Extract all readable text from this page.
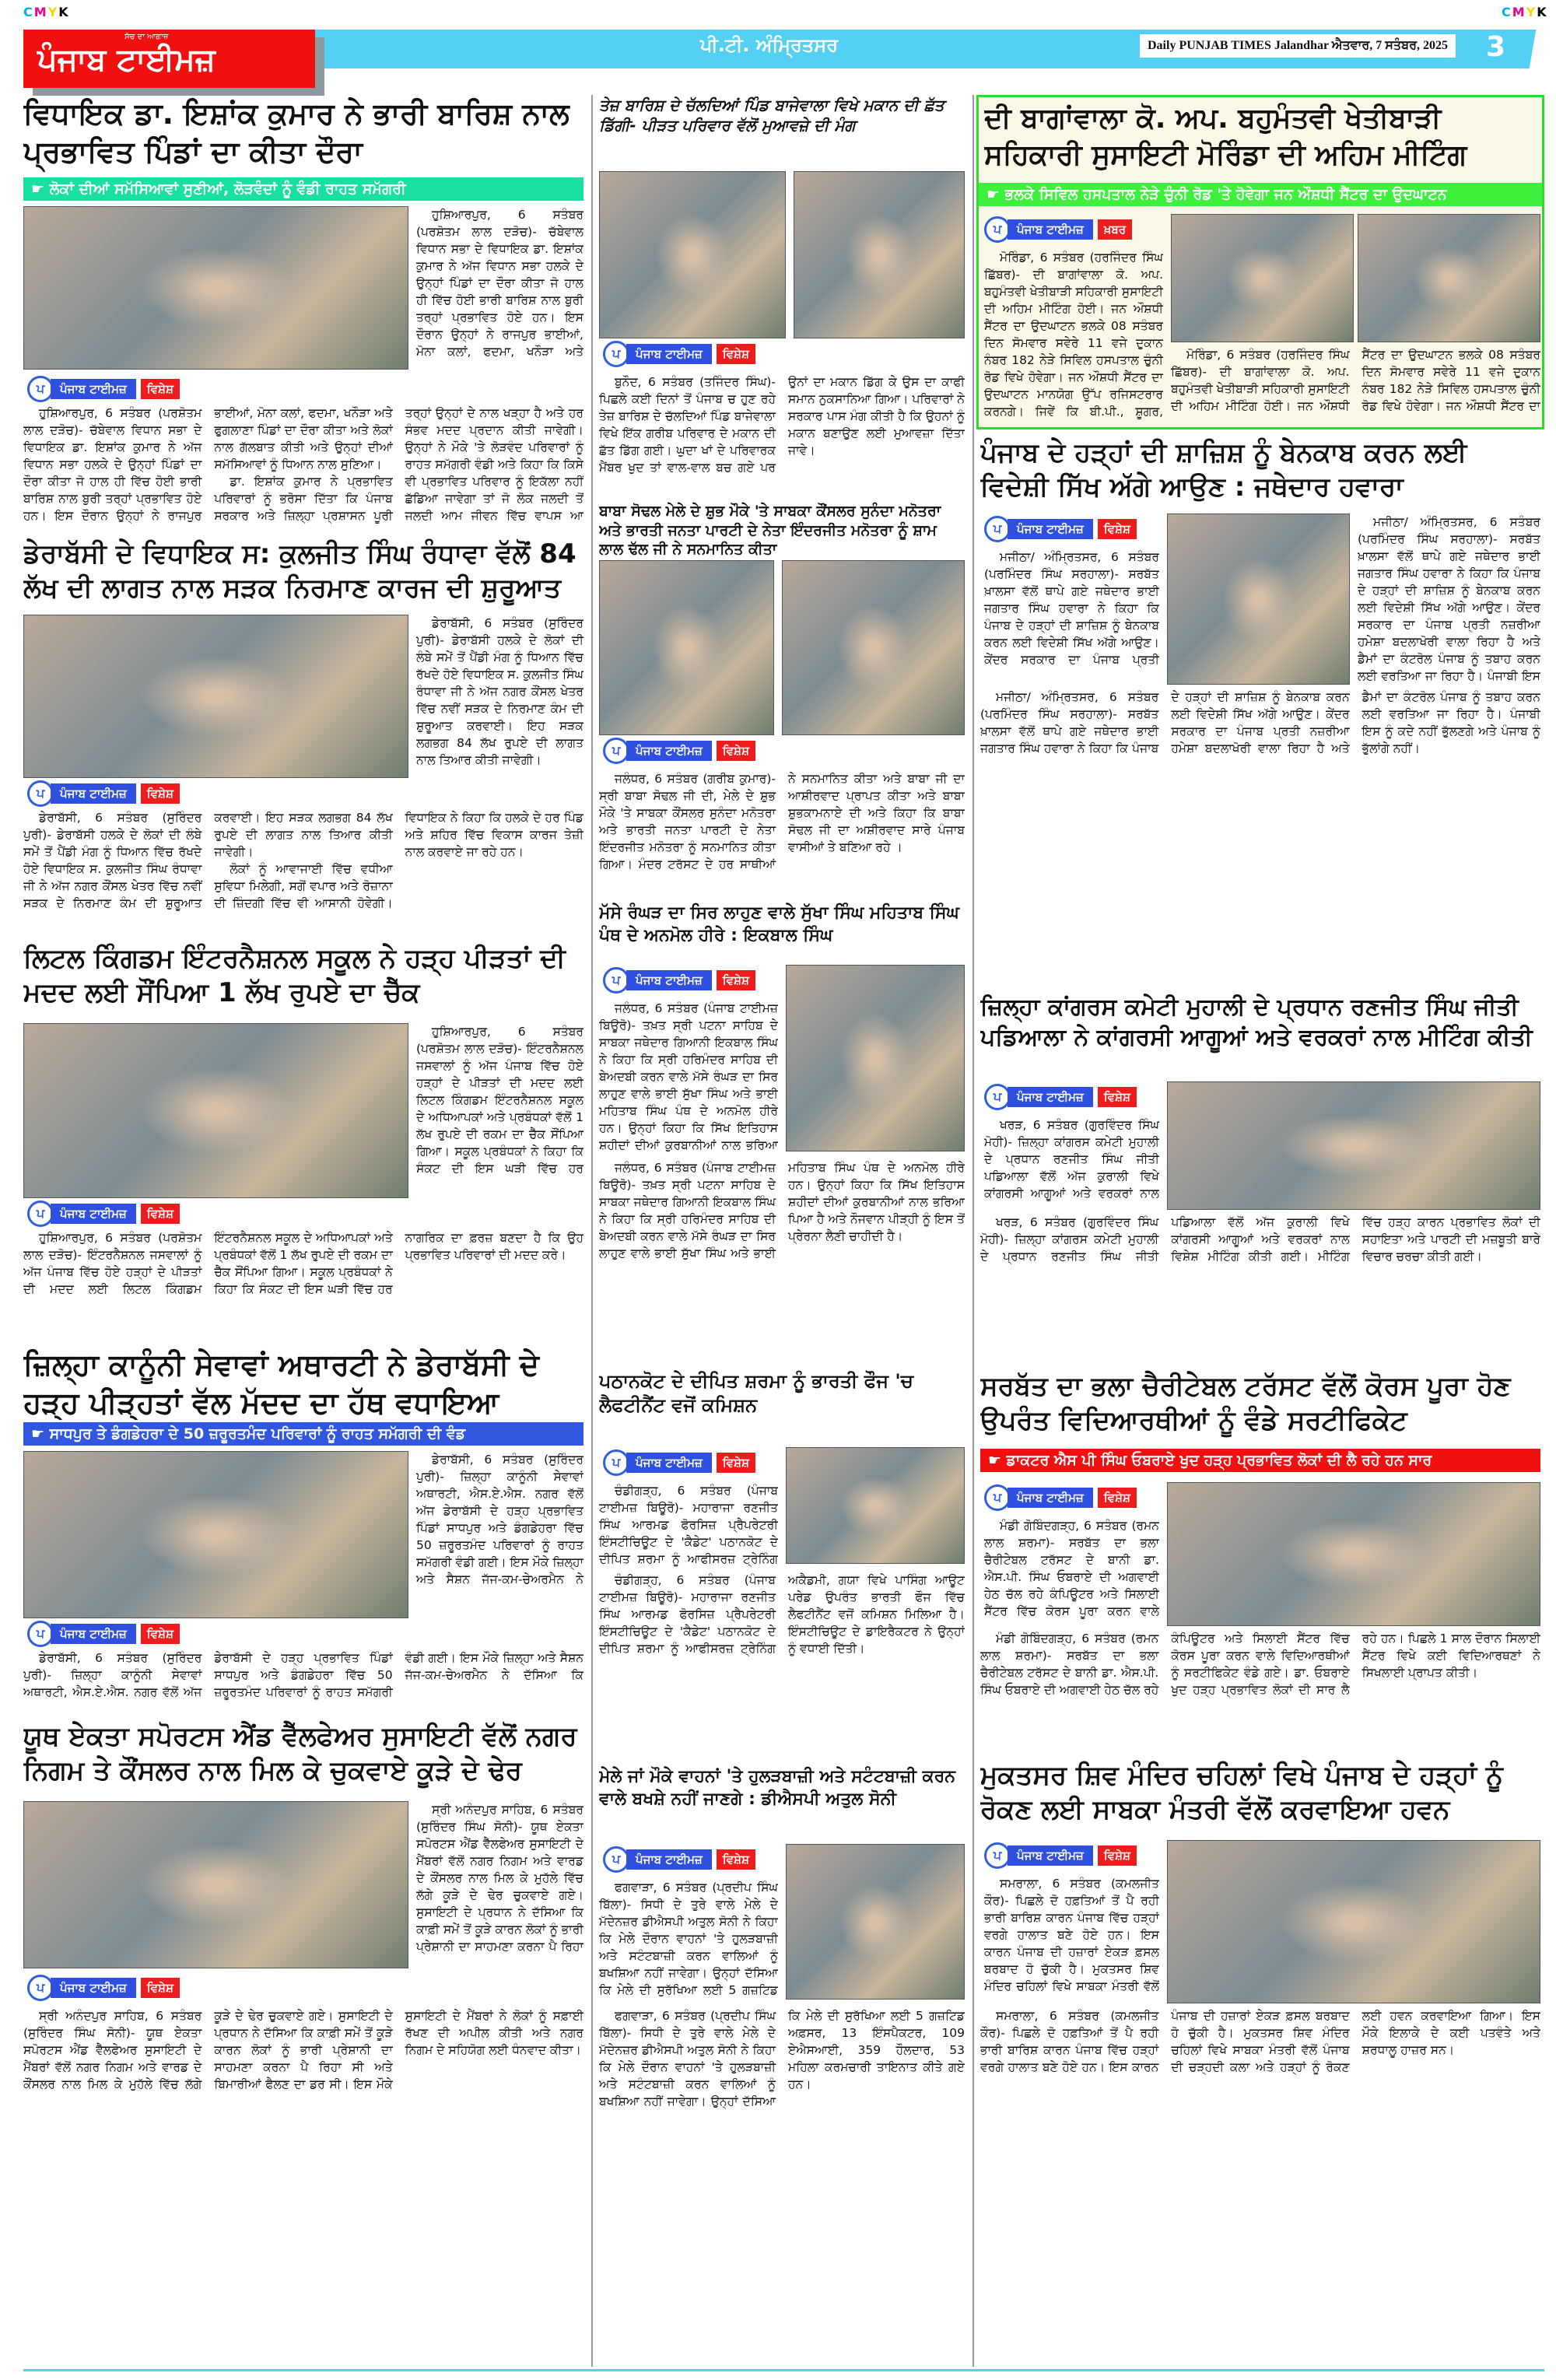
CMYK	CMYK
ਸੱਚ ਦਾ ਆਗਾਜ਼
ਪੰਜਾਬ ਟਾਈਮਜ਼	ਪੀ.ਟੀ. ਅੰਮ੍ਰਿਤਸਰ	Daily PUNJAB TIMES Jalandhar ਐਤਵਾਰ, 7 ਸਤੰਬਰ, 2025 3
ਵਿਧਾਇਕ ਡਾ. ਇਸ਼ਾਂਕ ਕੁਮਾਰ ਨੇ ਭਾਰੀ ਬਾਰਿਸ਼ ਨਾਲ ਪ੍ਰਭਾਵਿਤ ਪਿੰਡਾਂ ਦਾ ਕੀਤਾ ਦੌਰਾ
☛ ਲੋਕਾਂ ਦੀਆਂ ਸਮੱਸਿਆਵਾਂ ਸੁਣੀਆਂ, ਲੋੜਵੰਦਾਂ ਨੂੰ ਵੰਡੀ ਰਾਹਤ ਸਮੱਗਰੀ
ਪ	ਪੰਜਾਬ ਟਾਈਮਜ਼	ਵਿਸ਼ੇਸ਼

ਹੁਸ਼ਿਆਰਪੁਰ, 6 ਸਤੰਬਰ (ਪਰਸ਼ੋਤਮ ਲਾਲ ਦੜੋਚ)- ਚੱਬੇਵਾਲ ਵਿਧਾਨ ਸਭਾ ਦੇ ਵਿਧਾਇਕ ਡਾ. ਇਸ਼ਾਂਕ ਕੁਮਾਰ ਨੇ ਅੱਜ ਵਿਧਾਨ ਸਭਾ ਹਲਕੇ ਦੇ ਉਨ੍ਹਾਂ ਪਿੰਡਾਂ ਦਾ ਦੌਰਾ ਕੀਤਾ ਜੋ ਹਾਲ ਹੀ ਵਿੱਚ ਹੋਈ ਭਾਰੀ ਬਾਰਿਸ਼ ਨਾਲ ਬੁਰੀ ਤਰ੍ਹਾਂ ਪ੍ਰਭਾਵਿਤ ਹੋਏ ਹਨ। ਇਸ ਦੌਰਾਨ ਉਨ੍ਹਾਂ ਨੇ ਰਾਜਪੁਰ ਭਾਈਆਂ, ਮੋਨਾ ਕਲਾਂ, ਫਦਮਾ, ਖਨੌੜਾ ਅਤੇ

ਹੁਸ਼ਿਆਰਪੁਰ, 6 ਸਤੰਬਰ (ਪਰਸ਼ੋਤਮ ਲਾਲ ਦੜੋਚ)- ਚੱਬੇਵਾਲ ਵਿਧਾਨ ਸਭਾ ਦੇ ਵਿਧਾਇਕ ਡਾ. ਇਸ਼ਾਂਕ ਕੁਮਾਰ ਨੇ ਅੱਜ ਵਿਧਾਨ ਸਭਾ ਹਲਕੇ ਦੇ ਉਨ੍ਹਾਂ ਪਿੰਡਾਂ ਦਾ ਦੌਰਾ ਕੀਤਾ ਜੋ ਹਾਲ ਹੀ ਵਿੱਚ ਹੋਈ ਭਾਰੀ ਬਾਰਿਸ਼ ਨਾਲ ਬੁਰੀ ਤਰ੍ਹਾਂ ਪ੍ਰਭਾਵਿਤ ਹੋਏ ਹਨ। ਇਸ ਦੌਰਾਨ ਉਨ੍ਹਾਂ ਨੇ ਰਾਜਪੁਰ ਭਾਈਆਂ, ਮੋਨਾ ਕਲਾਂ, ਫਦਮਾ, ਖਨੌੜਾ ਅਤੇ ਫੁਗਲਾਣਾ ਪਿੰਡਾਂ ਦਾ ਦੌਰਾ ਕੀਤਾ ਅਤੇ ਲੋਕਾਂ ਨਾਲ ਗੱਲਬਾਤ ਕੀਤੀ ਅਤੇ ਉਨ੍ਹਾਂ ਦੀਆਂ ਸਮੱਸਿਆਵਾਂ ਨੂੰ ਧਿਆਨ ਨਾਲ ਸੁਣਿਆ।

ਡਾ. ਇਸ਼ਾਂਕ ਕੁਮਾਰ ਨੇ ਪ੍ਰਭਾਵਿਤ ਪਰਿਵਾਰਾਂ ਨੂੰ ਭਰੋਸਾ ਦਿੱਤਾ ਕਿ ਪੰਜਾਬ ਸਰਕਾਰ ਅਤੇ ਜ਼ਿਲ੍ਹਾ ਪ੍ਰਸ਼ਾਸਨ ਪੂਰੀ ਤਰ੍ਹਾਂ ਉਨ੍ਹਾਂ ਦੇ ਨਾਲ ਖੜ੍ਹਾ ਹੈ ਅਤੇ ਹਰ ਸੰਭਵ ਮਦਦ ਪ੍ਰਦਾਨ ਕੀਤੀ ਜਾਵੇਗੀ। ਉਨ੍ਹਾਂ ਨੇ ਮੌਕੇ 'ਤੇ ਲੋੜਵੰਦ ਪਰਿਵਾਰਾਂ ਨੂੰ ਰਾਹਤ ਸਮੱਗਰੀ ਵੰਡੀ ਅਤੇ ਕਿਹਾ ਕਿ ਕਿਸੇ ਵੀ ਪ੍ਰਭਾਵਿਤ ਪਰਿਵਾਰ ਨੂੰ ਇਕੱਲਾ ਨਹੀਂ ਛੱਡਿਆ ਜਾਵੇਗਾ ਤਾਂ ਜੋ ਲੋਕ ਜਲਦੀ ਤੋਂ ਜਲਦੀ ਆਮ ਜੀਵਨ ਵਿੱਚ ਵਾਪਸ ਆ

ਡੇਰਾਬੱਸੀ ਦੇ ਵਿਧਾਇਕ ਸ: ਕੁਲਜੀਤ ਸਿੰਘ ਰੰਧਾਵਾ ਵੱਲੋਂ 84 ਲੱਖ ਦੀ ਲਾਗਤ ਨਾਲ ਸੜਕ ਨਿਰਮਾਣ ਕਾਰਜ ਦੀ ਸ਼ੁਰੂਆਤ
ਪ	ਪੰਜਾਬ ਟਾਈਮਜ਼	ਵਿਸ਼ੇਸ਼

ਡੇਰਾਬੱਸੀ, 6 ਸਤੰਬਰ (ਸੁਰਿੰਦਰ ਪੁਰੀ)- ਡੇਰਾਬੱਸੀ ਹਲਕੇ ਦੇ ਲੋਕਾਂ ਦੀ ਲੰਬੇ ਸਮੇਂ ਤੋਂ ਪੈਂਡੀ ਮੰਗ ਨੂੰ ਧਿਆਨ ਵਿੱਚ ਰੱਖਦੇ ਹੋਏ ਵਿਧਾਇਕ ਸ. ਕੁਲਜੀਤ ਸਿੰਘ ਰੰਧਾਵਾ ਜੀ ਨੇ ਅੱਜ ਨਗਰ ਕੌਂਸਲ ਖੇਤਰ ਵਿੱਚ ਨਵੀਂ ਸੜਕ ਦੇ ਨਿਰਮਾਣ ਕੰਮ ਦੀ ਸ਼ੁਰੂਆਤ ਕਰਵਾਈ। ਇਹ ਸੜਕ ਲਗਭਗ 84 ਲੱਖ ਰੁਪਏ ਦੀ ਲਾਗਤ ਨਾਲ ਤਿਆਰ ਕੀਤੀ ਜਾਵੇਗੀ।

ਡੇਰਾਬੱਸੀ, 6 ਸਤੰਬਰ (ਸੁਰਿੰਦਰ ਪੁਰੀ)- ਡੇਰਾਬੱਸੀ ਹਲਕੇ ਦੇ ਲੋਕਾਂ ਦੀ ਲੰਬੇ ਸਮੇਂ ਤੋਂ ਪੈਂਡੀ ਮੰਗ ਨੂੰ ਧਿਆਨ ਵਿੱਚ ਰੱਖਦੇ ਹੋਏ ਵਿਧਾਇਕ ਸ. ਕੁਲਜੀਤ ਸਿੰਘ ਰੰਧਾਵਾ ਜੀ ਨੇ ਅੱਜ ਨਗਰ ਕੌਂਸਲ ਖੇਤਰ ਵਿੱਚ ਨਵੀਂ ਸੜਕ ਦੇ ਨਿਰਮਾਣ ਕੰਮ ਦੀ ਸ਼ੁਰੂਆਤ ਕਰਵਾਈ। ਇਹ ਸੜਕ ਲਗਭਗ 84 ਲੱਖ ਰੁਪਏ ਦੀ ਲਾਗਤ ਨਾਲ ਤਿਆਰ ਕੀਤੀ ਜਾਵੇਗੀ।

ਲੋਕਾਂ ਨੂੰ ਆਵਾਜਾਈ ਵਿੱਚ ਵਧੀਆ ਸੁਵਿਧਾ ਮਿਲੇਗੀ, ਸਗੋਂ ਵਪਾਰ ਅਤੇ ਰੋਜ਼ਾਨਾ ਦੀ ਜ਼ਿੰਦਗੀ ਵਿੱਚ ਵੀ ਆਸਾਨੀ ਹੋਵੇਗੀ। ਵਿਧਾਇਕ ਨੇ ਕਿਹਾ ਕਿ ਹਲਕੇ ਦੇ ਹਰ ਪਿੰਡ ਅਤੇ ਸ਼ਹਿਰ ਵਿੱਚ ਵਿਕਾਸ ਕਾਰਜ ਤੇਜ਼ੀ ਨਾਲ ਕਰਵਾਏ ਜਾ ਰਹੇ ਹਨ।

ਲਿਟਲ ਕਿੰਗਡਮ ਇੰਟਰਨੈਸ਼ਨਲ ਸਕੂਲ ਨੇ ਹੜ੍ਹ ਪੀੜਤਾਂ ਦੀ ਮਦਦ ਲਈ ਸੌਂਪਿਆ 1 ਲੱਖ ਰੁਪਏ ਦਾ ਚੈੱਕ
ਪ	ਪੰਜਾਬ ਟਾਈਮਜ਼	ਵਿਸ਼ੇਸ਼

ਹੁਸ਼ਿਆਰਪੁਰ, 6 ਸਤੰਬਰ (ਪਰਸ਼ੋਤਮ ਲਾਲ ਦੜੋਚ)- ਇੰਟਰਨੈਸ਼ਨਲ ਜਸਵਾਲਾਂ ਨੂੰ ਅੱਜ ਪੰਜਾਬ ਵਿੱਚ ਹੋਏ ਹੜ੍ਹਾਂ ਦੇ ਪੀੜਤਾਂ ਦੀ ਮਦਦ ਲਈ ਲਿਟਲ ਕਿੰਗਡਮ ਇੰਟਰਨੈਸ਼ਨਲ ਸਕੂਲ ਦੇ ਅਧਿਆਪਕਾਂ ਅਤੇ ਪ੍ਰਬੰਧਕਾਂ ਵੱਲੋਂ 1 ਲੱਖ ਰੁਪਏ ਦੀ ਰਕਮ ਦਾ ਚੈੱਕ ਸੌਂਪਿਆ ਗਿਆ। ਸਕੂਲ ਪ੍ਰਬੰਧਕਾਂ ਨੇ ਕਿਹਾ ਕਿ ਸੰਕਟ ਦੀ ਇਸ ਘੜੀ ਵਿੱਚ ਹਰ

ਹੁਸ਼ਿਆਰਪੁਰ, 6 ਸਤੰਬਰ (ਪਰਸ਼ੋਤਮ ਲਾਲ ਦੜੋਚ)- ਇੰਟਰਨੈਸ਼ਨਲ ਜਸਵਾਲਾਂ ਨੂੰ ਅੱਜ ਪੰਜਾਬ ਵਿੱਚ ਹੋਏ ਹੜ੍ਹਾਂ ਦੇ ਪੀੜਤਾਂ ਦੀ ਮਦਦ ਲਈ ਲਿਟਲ ਕਿੰਗਡਮ ਇੰਟਰਨੈਸ਼ਨਲ ਸਕੂਲ ਦੇ ਅਧਿਆਪਕਾਂ ਅਤੇ ਪ੍ਰਬੰਧਕਾਂ ਵੱਲੋਂ 1 ਲੱਖ ਰੁਪਏ ਦੀ ਰਕਮ ਦਾ ਚੈੱਕ ਸੌਂਪਿਆ ਗਿਆ। ਸਕੂਲ ਪ੍ਰਬੰਧਕਾਂ ਨੇ ਕਿਹਾ ਕਿ ਸੰਕਟ ਦੀ ਇਸ ਘੜੀ ਵਿੱਚ ਹਰ ਨਾਗਰਿਕ ਦਾ ਫ਼ਰਜ਼ ਬਣਦਾ ਹੈ ਕਿ ਉਹ ਪ੍ਰਭਾਵਿਤ ਪਰਿਵਾਰਾਂ ਦੀ ਮਦਦ ਕਰੇ।

ਜ਼ਿਲ੍ਹਾ ਕਾਨੂੰਨੀ ਸੇਵਾਵਾਂ ਅਥਾਰਟੀ ਨੇ ਡੇਰਾਬੱਸੀ ਦੇ ਹੜ੍ਹ ਪੀੜ੍ਹਤਾਂ ਵੱਲ ਮੱਦਦ ਦਾ ਹੱਥ ਵਧਾਇਆ
☛ ਸਾਧਪੁਰ ਤੇ ਡੰਗਡੇਹਰਾ ਦੇ 50 ਜ਼ਰੂਰਤਮੰਦ ਪਰਿਵਾਰਾਂ ਨੂੰ ਰਾਹਤ ਸਮੱਗਰੀ ਦੀ ਵੰਡ
ਪ	ਪੰਜਾਬ ਟਾਈਮਜ਼	ਵਿਸ਼ੇਸ਼

ਡੇਰਾਬੱਸੀ, 6 ਸਤੰਬਰ (ਸੁਰਿੰਦਰ ਪੁਰੀ)- ਜ਼ਿਲ੍ਹਾ ਕਾਨੂੰਨੀ ਸੇਵਾਵਾਂ ਅਥਾਰਟੀ, ਐਸ.ਏ.ਐਸ. ਨਗਰ ਵੱਲੋਂ ਅੱਜ ਡੇਰਾਬੱਸੀ ਦੇ ਹੜ੍ਹ ਪ੍ਰਭਾਵਿਤ ਪਿੰਡਾਂ ਸਾਧਪੁਰ ਅਤੇ ਡੰਗਡੇਹਰਾ ਵਿੱਚ 50 ਜ਼ਰੂਰਤਮੰਦ ਪਰਿਵਾਰਾਂ ਨੂੰ ਰਾਹਤ ਸਮੱਗਰੀ ਵੰਡੀ ਗਈ। ਇਸ ਮੌਕੇ ਜ਼ਿਲ੍ਹਾ ਅਤੇ ਸੈਸ਼ਨ ਜੱਜ-ਕਮ-ਚੇਅਰਮੈਨ ਨੇ

ਡੇਰਾਬੱਸੀ, 6 ਸਤੰਬਰ (ਸੁਰਿੰਦਰ ਪੁਰੀ)- ਜ਼ਿਲ੍ਹਾ ਕਾਨੂੰਨੀ ਸੇਵਾਵਾਂ ਅਥਾਰਟੀ, ਐਸ.ਏ.ਐਸ. ਨਗਰ ਵੱਲੋਂ ਅੱਜ ਡੇਰਾਬੱਸੀ ਦੇ ਹੜ੍ਹ ਪ੍ਰਭਾਵਿਤ ਪਿੰਡਾਂ ਸਾਧਪੁਰ ਅਤੇ ਡੰਗਡੇਹਰਾ ਵਿੱਚ 50 ਜ਼ਰੂਰਤਮੰਦ ਪਰਿਵਾਰਾਂ ਨੂੰ ਰਾਹਤ ਸਮੱਗਰੀ ਵੰਡੀ ਗਈ। ਇਸ ਮੌਕੇ ਜ਼ਿਲ੍ਹਾ ਅਤੇ ਸੈਸ਼ਨ ਜੱਜ-ਕਮ-ਚੇਅਰਮੈਨ ਨੇ ਦੱਸਿਆ ਕਿ

ਯੂਥ ਏਕਤਾ ਸਪੋਰਟਸ ਐਂਡ ਵੈੱਲਫੇਅਰ ਸੁਸਾਇਟੀ ਵੱਲੋਂ ਨਗਰ ਨਿਗਮ ਤੇ ਕੌਂਸਲਰ ਨਾਲ ਮਿਲ ਕੇ ਚੁਕਵਾਏ ਕੂੜੇ ਦੇ ਢੇਰ
ਪ	ਪੰਜਾਬ ਟਾਈਮਜ਼	ਵਿਸ਼ੇਸ਼

ਸ੍ਰੀ ਅਨੰਦਪੁਰ ਸਾਹਿਬ, 6 ਸਤੰਬਰ (ਸੁਰਿੰਦਰ ਸਿੰਘ ਸੋਨੀ)- ਯੂਥ ਏਕਤਾ ਸਪੋਰਟਸ ਐਂਡ ਵੈੱਲਫੇਅਰ ਸੁਸਾਇਟੀ ਦੇ ਮੈਂਬਰਾਂ ਵੱਲੋਂ ਨਗਰ ਨਿਗਮ ਅਤੇ ਵਾਰਡ ਦੇ ਕੌਂਸਲਰ ਨਾਲ ਮਿਲ ਕੇ ਮੁਹੱਲੇ ਵਿੱਚ ਲੱਗੇ ਕੂੜੇ ਦੇ ਢੇਰ ਚੁਕਵਾਏ ਗਏ। ਸੁਸਾਇਟੀ ਦੇ ਪ੍ਰਧਾਨ ਨੇ ਦੱਸਿਆ ਕਿ ਕਾਫ਼ੀ ਸਮੇਂ ਤੋਂ ਕੂੜੇ ਕਾਰਨ ਲੋਕਾਂ ਨੂੰ ਭਾਰੀ ਪ੍ਰੇਸ਼ਾਨੀ ਦਾ ਸਾਹਮਣਾ ਕਰਨਾ ਪੈ ਰਿਹਾ

ਸ੍ਰੀ ਅਨੰਦਪੁਰ ਸਾਹਿਬ, 6 ਸਤੰਬਰ (ਸੁਰਿੰਦਰ ਸਿੰਘ ਸੋਨੀ)- ਯੂਥ ਏਕਤਾ ਸਪੋਰਟਸ ਐਂਡ ਵੈੱਲਫੇਅਰ ਸੁਸਾਇਟੀ ਦੇ ਮੈਂਬਰਾਂ ਵੱਲੋਂ ਨਗਰ ਨਿਗਮ ਅਤੇ ਵਾਰਡ ਦੇ ਕੌਂਸਲਰ ਨਾਲ ਮਿਲ ਕੇ ਮੁਹੱਲੇ ਵਿੱਚ ਲੱਗੇ ਕੂੜੇ ਦੇ ਢੇਰ ਚੁਕਵਾਏ ਗਏ। ਸੁਸਾਇਟੀ ਦੇ ਪ੍ਰਧਾਨ ਨੇ ਦੱਸਿਆ ਕਿ ਕਾਫ਼ੀ ਸਮੇਂ ਤੋਂ ਕੂੜੇ ਕਾਰਨ ਲੋਕਾਂ ਨੂੰ ਭਾਰੀ ਪ੍ਰੇਸ਼ਾਨੀ ਦਾ ਸਾਹਮਣਾ ਕਰਨਾ ਪੈ ਰਿਹਾ ਸੀ ਅਤੇ ਬਿਮਾਰੀਆਂ ਫੈਲਣ ਦਾ ਡਰ ਸੀ। ਇਸ ਮੌਕੇ ਸੁਸਾਇਟੀ ਦੇ ਮੈਂਬਰਾਂ ਨੇ ਲੋਕਾਂ ਨੂੰ ਸਫ਼ਾਈ ਰੱਖਣ ਦੀ ਅਪੀਲ ਕੀਤੀ ਅਤੇ ਨਗਰ ਨਿਗਮ ਦੇ ਸਹਿਯੋਗ ਲਈ ਧੰਨਵਾਦ ਕੀਤਾ।

ਤੇਜ਼ ਬਾਰਿਸ਼ ਦੇ ਚੱਲਦਿਆਂ ਪਿੰਡ ਬਾਜੇਵਾਲਾ ਵਿਖੇ ਮਕਾਨ ਦੀ ਛੱਤ ਡਿੱਗੀ- ਪੀੜਤ ਪਰਿਵਾਰ ਵੱਲੋਂ ਮੁਆਵਜ਼ੇ ਦੀ ਮੰਗ
ਪ	ਪੰਜਾਬ ਟਾਈਮਜ਼	ਵਿਸ਼ੇਸ਼

ਬੁਨੌਦ, 6 ਸਤੰਬਰ (ਤਜਿੰਦਰ ਸਿੰਘ)- ਪਿਛਲੇ ਕਈ ਦਿਨਾਂ ਤੋਂ ਪੰਜਾਬ ਚ ਹੁਣ ਰਹੇ ਤੇਜ਼ ਬਾਰਿਸ਼ ਦੇ ਚੱਲਦਿਆਂ ਪਿੰਡ ਬਾਜੇਵਾਲਾ ਵਿਖੇ ਇੱਕ ਗਰੀਬ ਪਰਿਵਾਰ ਦੇ ਮਕਾਨ ਦੀ ਛੱਤ ਡਿੱਗ ਗਈ। ਘੁਦਾ ਖਾਂ ਦੇ ਪਰਿਵਾਰਕ ਮੈਂਬਰ ਖੁਦ ਤਾਂ ਵਾਲ-ਵਾਲ ਬਚ ਗਏ ਪਰ ਉਨਾਂ ਦਾ ਮਕਾਨ ਡਿੱਗ ਕੇ ਉਸ ਦਾ ਕਾਫੀ ਸਮਾਨ ਨੁਕਸਾਨਿਆ ਗਿਆ। ਪਰਿਵਾਰਾਂ ਨੇ ਸਰਕਾਰ ਪਾਸ ਮੰਗ ਕੀਤੀ ਹੈ ਕਿ ਉਹਨਾਂ ਨੂੰ ਮਕਾਨ ਬਣਾਉਣ ਲਈ ਮੁਆਵਜ਼ਾ ਦਿੱਤਾ ਜਾਵੇ।

ਬਾਬਾ ਸੋਢਲ ਮੇਲੇ ਦੇ ਸ਼ੁਭ ਮੌਕੇ 'ਤੇ ਸਾਬਕਾ ਕੌਂਸਲਰ ਸੁਨੰਦਾ ਮਨੋਤਰਾ ਅਤੇ ਭਾਰਤੀ ਜਨਤਾ ਪਾਰਟੀ ਦੇ ਨੇਤਾ ਇੰਦਰਜੀਤ ਮਨੋਤਰਾ ਨੂੰ ਸ਼ਾਮ ਲਾਲ ਢੱਲ ਜੀ ਨੇ ਸਨਮਾਨਿਤ ਕੀਤਾ
ਪ	ਪੰਜਾਬ ਟਾਈਮਜ਼	ਵਿਸ਼ੇਸ਼

ਜਲੰਧਰ, 6 ਸਤੰਬਰ (ਗਰੀਬ ਕੁਮਾਰ)- ਸ੍ਰੀ ਬਾਬਾ ਸੋਢਲ ਜੀ ਦੀ, ਮੇਲੇ ਦੇ ਸ਼ੁਭ ਮੌਕੇ 'ਤੇ ਸਾਬਕਾ ਕੌਂਸਲਰ ਸੁਨੰਦਾ ਮਨੋਤਰਾ ਅਤੇ ਭਾਰਤੀ ਜਨਤਾ ਪਾਰਟੀ ਦੇ ਨੇਤਾ ਇੰਦਰਜੀਤ ਮਨੋਤਰਾ ਨੂੰ ਸਨਮਾਨਿਤ ਕੀਤਾ ਗਿਆ। ਮੰਦਰ ਟਰੱਸਟ ਦੇ ਹਰ ਸਾਥੀਆਂ ਨੇ ਸਨਮਾਨਿਤ ਕੀਤਾ ਅਤੇ ਬਾਬਾ ਜੀ ਦਾ ਆਸ਼ੀਰਵਾਦ ਪ੍ਰਾਪਤ ਕੀਤਾ ਅਤੇ ਬਾਬਾ ਸ਼ੁਭਕਾਮਨਾਏ ਦੀ ਅਤੇ ਕਿਹਾ ਕਿ ਬਾਬਾ ਸੋਢਲ ਜੀ ਦਾ ਅਸ਼ੀਰਵਾਦ ਸਾਰੇ ਪੰਜਾਬ ਵਾਸੀਆਂ ਤੇ ਬਣਿਆ ਰਹੇ ।

ਮੱਸੇ ਰੰਘੜ ਦਾ ਸਿਰ ਲਾਹੁਣ ਵਾਲੇ ਸੁੱਖਾ ਸਿੰਘ ਮਹਿਤਾਬ ਸਿੰਘ ਪੰਥ ਦੇ ਅਨਮੋਲ ਹੀਰੇ : ਇਕਬਾਲ ਸਿੰਘ
ਪ	ਪੰਜਾਬ ਟਾਈਮਜ਼	ਵਿਸ਼ੇਸ਼

ਜਲੰਧਰ, 6 ਸਤੰਬਰ (ਪੰਜਾਬ ਟਾਈਮਜ਼ ਬਿਊਰੋ)- ਤਖ਼ਤ ਸ੍ਰੀ ਪਟਨਾ ਸਾਹਿਬ ਦੇ ਸਾਬਕਾ ਜਥੇਦਾਰ ਗਿਆਨੀ ਇਕਬਾਲ ਸਿੰਘ ਨੇ ਕਿਹਾ ਕਿ ਸ੍ਰੀ ਹਰਿਮੰਦਰ ਸਾਹਿਬ ਦੀ ਬੇਅਦਬੀ ਕਰਨ ਵਾਲੇ ਮੱਸੇ ਰੰਘੜ ਦਾ ਸਿਰ ਲਾਹੁਣ ਵਾਲੇ ਭਾਈ ਸੁੱਖਾ ਸਿੰਘ ਅਤੇ ਭਾਈ ਮਹਿਤਾਬ ਸਿੰਘ ਪੰਥ ਦੇ ਅਨਮੋਲ ਹੀਰੇ ਹਨ। ਉਨ੍ਹਾਂ ਕਿਹਾ ਕਿ ਸਿੱਖ ਇਤਿਹਾਸ ਸ਼ਹੀਦਾਂ ਦੀਆਂ ਕੁਰਬਾਨੀਆਂ ਨਾਲ ਭਰਿਆ

ਜਲੰਧਰ, 6 ਸਤੰਬਰ (ਪੰਜਾਬ ਟਾਈਮਜ਼ ਬਿਊਰੋ)- ਤਖ਼ਤ ਸ੍ਰੀ ਪਟਨਾ ਸਾਹਿਬ ਦੇ ਸਾਬਕਾ ਜਥੇਦਾਰ ਗਿਆਨੀ ਇਕਬਾਲ ਸਿੰਘ ਨੇ ਕਿਹਾ ਕਿ ਸ੍ਰੀ ਹਰਿਮੰਦਰ ਸਾਹਿਬ ਦੀ ਬੇਅਦਬੀ ਕਰਨ ਵਾਲੇ ਮੱਸੇ ਰੰਘੜ ਦਾ ਸਿਰ ਲਾਹੁਣ ਵਾਲੇ ਭਾਈ ਸੁੱਖਾ ਸਿੰਘ ਅਤੇ ਭਾਈ ਮਹਿਤਾਬ ਸਿੰਘ ਪੰਥ ਦੇ ਅਨਮੋਲ ਹੀਰੇ ਹਨ। ਉਨ੍ਹਾਂ ਕਿਹਾ ਕਿ ਸਿੱਖ ਇਤਿਹਾਸ ਸ਼ਹੀਦਾਂ ਦੀਆਂ ਕੁਰਬਾਨੀਆਂ ਨਾਲ ਭਰਿਆ ਪਿਆ ਹੈ ਅਤੇ ਨੌਜਵਾਨ ਪੀੜ੍ਹੀ ਨੂੰ ਇਸ ਤੋਂ ਪ੍ਰੇਰਨਾ ਲੈਣੀ ਚਾਹੀਦੀ ਹੈ।

ਪਠਾਨਕੋਟ ਦੇ ਦੀਪਿਤ ਸ਼ਰਮਾ ਨੂੰ ਭਾਰਤੀ ਫੌਜ 'ਚ ਲੈਫਟੀਨੈਂਟ ਵਜੋਂ ਕਮਿਸ਼ਨ
ਪ	ਪੰਜਾਬ ਟਾਈਮਜ਼	ਵਿਸ਼ੇਸ਼

ਚੰਡੀਗੜ੍ਹ, 6 ਸਤੰਬਰ (ਪੰਜਾਬ ਟਾਈਮਜ਼ ਬਿਊਰੋ)- ਮਹਾਰਾਜਾ ਰਣਜੀਤ ਸਿੰਘ ਆਰਮਡ ਫੋਰਸਿਜ਼ ਪ੍ਰੈਪਰੇਟਰੀ ਇੰਸਟੀਚਿਊਟ ਦੇ 'ਕੈਡੇਟ' ਪਠਾਨਕੋਟ ਦੇ ਦੀਪਿਤ ਸ਼ਰਮਾ ਨੂੰ ਆਫੀਸਰਜ਼ ਟ੍ਰੇਨਿੰਗ

ਚੰਡੀਗੜ੍ਹ, 6 ਸਤੰਬਰ (ਪੰਜਾਬ ਟਾਈਮਜ਼ ਬਿਊਰੋ)- ਮਹਾਰਾਜਾ ਰਣਜੀਤ ਸਿੰਘ ਆਰਮਡ ਫੋਰਸਿਜ਼ ਪ੍ਰੈਪਰੇਟਰੀ ਇੰਸਟੀਚਿਊਟ ਦੇ 'ਕੈਡੇਟ' ਪਠਾਨਕੋਟ ਦੇ ਦੀਪਿਤ ਸ਼ਰਮਾ ਨੂੰ ਆਫੀਸਰਜ਼ ਟ੍ਰੇਨਿੰਗ ਅਕੈਡਮੀ, ਗਯਾ ਵਿਖੇ ਪਾਸਿੰਗ ਆਊਟ ਪਰੇਡ ਉਪਰੰਤ ਭਾਰਤੀ ਫੌਜ ਵਿੱਚ ਲੈਫਟੀਨੈਂਟ ਵਜੋਂ ਕਮਿਸ਼ਨ ਮਿਲਿਆ ਹੈ। ਇੰਸਟੀਚਿਊਟ ਦੇ ਡਾਇਰੈਕਟਰ ਨੇ ਉਨ੍ਹਾਂ ਨੂੰ ਵਧਾਈ ਦਿੱਤੀ।

ਮੇਲੇ ਜਾਂ ਮੌਕੇ ਵਾਹਨਾਂ 'ਤੇ ਹੁਲੜਬਾਜ਼ੀ ਅਤੇ ਸਟੰਟਬਾਜ਼ੀ ਕਰਨ ਵਾਲੇ ਬਖਸ਼ੇ ਨਹੀਂ ਜਾਣਗੇ : ਡੀਐਸਪੀ ਅਤੁਲ ਸੋਨੀ
ਪ	ਪੰਜਾਬ ਟਾਈਮਜ਼	ਵਿਸ਼ੇਸ਼

ਫਗਵਾੜਾ, 6 ਸਤੰਬਰ (ਪ੍ਰਦੀਪ ਸਿੰਘ ਬਿੱਲਾ)- ਸਿਧੀ ਦੇ ਤੁਰੇ ਵਾਲੇ ਮੇਲੇ ਦੇ ਮੱਦੇਨਜ਼ਰ ਡੀਐਸਪੀ ਅਤੁਲ ਸੋਨੀ ਨੇ ਕਿਹਾ ਕਿ ਮੇਲੇ ਦੌਰਾਨ ਵਾਹਨਾਂ 'ਤੇ ਹੁਲੜਬਾਜ਼ੀ ਅਤੇ ਸਟੰਟਬਾਜ਼ੀ ਕਰਨ ਵਾਲਿਆਂ ਨੂੰ ਬਖਸ਼ਿਆ ਨਹੀਂ ਜਾਵੇਗਾ। ਉਨ੍ਹਾਂ ਦੱਸਿਆ ਕਿ ਮੇਲੇ ਦੀ ਸੁਰੱਖਿਆ ਲਈ 5 ਗਜ਼ਟਿਡ

ਫਗਵਾੜਾ, 6 ਸਤੰਬਰ (ਪ੍ਰਦੀਪ ਸਿੰਘ ਬਿੱਲਾ)- ਸਿਧੀ ਦੇ ਤੁਰੇ ਵਾਲੇ ਮੇਲੇ ਦੇ ਮੱਦੇਨਜ਼ਰ ਡੀਐਸਪੀ ਅਤੁਲ ਸੋਨੀ ਨੇ ਕਿਹਾ ਕਿ ਮੇਲੇ ਦੌਰਾਨ ਵਾਹਨਾਂ 'ਤੇ ਹੁਲੜਬਾਜ਼ੀ ਅਤੇ ਸਟੰਟਬਾਜ਼ੀ ਕਰਨ ਵਾਲਿਆਂ ਨੂੰ ਬਖਸ਼ਿਆ ਨਹੀਂ ਜਾਵੇਗਾ। ਉਨ੍ਹਾਂ ਦੱਸਿਆ ਕਿ ਮੇਲੇ ਦੀ ਸੁਰੱਖਿਆ ਲਈ 5 ਗਜ਼ਟਿਡ ਅਫ਼ਸਰ, 13 ਇੰਸਪੈਕਟਰ, 109 ਏਐਸਆਈ, 359 ਹੌਲਦਾਰ, 53 ਮਹਿਲਾ ਕਰਮਚਾਰੀ ਤਾਇਨਾਤ ਕੀਤੇ ਗਏ ਹਨ।

ਦੀ ਬਾਗਾਂਵਾਲਾ ਕੋ. ਅਪ. ਬਹੁਮੰਤਵੀ ਖੇਤੀਬਾੜੀ ਸਹਿਕਾਰੀ ਸੁਸਾਇਟੀ ਮੋਰਿੰਡਾ ਦੀ ਅਹਿਮ ਮੀਟਿੰਗ
☛ ਭਲਕੇ ਸਿਵਿਲ ਹਸਪਤਾਲ ਨੇੜੇ ਚੁੰਨੀ ਰੋਡ 'ਤੇ ਹੋਵੇਗਾ ਜਨ ਔਸ਼ਧੀ ਸੈਂਟਰ ਦਾ ਉਦਘਾਟਨ
ਪ	ਪੰਜਾਬ ਟਾਈਮਜ਼	ਖ਼ਬਰ

ਮੋਰਿੰਡਾ, 6 ਸਤੰਬਰ (ਹਰਜਿੰਦਰ ਸਿੰਘ ਛਿੱਬਰ)- ਦੀ ਬਾਗਾਂਵਾਲਾ ਕੋ. ਅਪ. ਬਹੁਮੰਤਵੀ ਖੇਤੀਬਾੜੀ ਸਹਿਕਾਰੀ ਸੁਸਾਇਟੀ ਦੀ ਅਹਿਮ ਮੀਟਿੰਗ ਹੋਈ। ਜਨ ਔਸ਼ਧੀ ਸੈਂਟਰ ਦਾ ਉਦਘਾਟਨ ਭਲਕੇ 08 ਸਤੰਬਰ ਦਿਨ ਸੋਮਵਾਰ ਸਵੇਰੇ 11 ਵਜੇ ਦੁਕਾਨ ਨੰਬਰ 182 ਨੇੜੇ ਸਿਵਿਲ ਹਸਪਤਾਲ ਚੁੰਨੀ ਰੋਡ ਵਿਖੇ ਹੋਵੇਗਾ। ਜਨ ਔਸ਼ਧੀ ਸੈਂਟਰ ਦਾ ਉਦਘਾਟਨ ਮਾਨਯੋਗ ਉੱਪ ਰਜਿਸਟਰਾਰ ਕਰਨਗੇ। ਜਿਵੇਂ ਕਿ ਬੀ.ਪੀ., ਸ਼ੂਗਰ,

ਮੋਰਿੰਡਾ, 6 ਸਤੰਬਰ (ਹਰਜਿੰਦਰ ਸਿੰਘ ਛਿੱਬਰ)- ਦੀ ਬਾਗਾਂਵਾਲਾ ਕੋ. ਅਪ. ਬਹੁਮੰਤਵੀ ਖੇਤੀਬਾੜੀ ਸਹਿਕਾਰੀ ਸੁਸਾਇਟੀ ਦੀ ਅਹਿਮ ਮੀਟਿੰਗ ਹੋਈ। ਜਨ ਔਸ਼ਧੀ ਸੈਂਟਰ ਦਾ ਉਦਘਾਟਨ ਭਲਕੇ 08 ਸਤੰਬਰ ਦਿਨ ਸੋਮਵਾਰ ਸਵੇਰੇ 11 ਵਜੇ ਦੁਕਾਨ ਨੰਬਰ 182 ਨੇੜੇ ਸਿਵਿਲ ਹਸਪਤਾਲ ਚੁੰਨੀ ਰੋਡ ਵਿਖੇ ਹੋਵੇਗਾ। ਜਨ ਔਸ਼ਧੀ ਸੈਂਟਰ ਦਾ

ਪੰਜਾਬ ਦੇ ਹੜ੍ਹਾਂ ਦੀ ਸ਼ਾਜ਼ਿਸ਼ ਨੂੰ ਬੇਨਕਾਬ ਕਰਨ ਲਈ ਵਿਦੇਸ਼ੀ ਸਿੱਖ ਅੱਗੇ ਆਉਣ : ਜਥੇਦਾਰ ਹਵਾਰਾ
ਪ	ਪੰਜਾਬ ਟਾਈਮਜ਼	ਵਿਸ਼ੇਸ਼

ਮਜੀਠਾ/ ਅੰਮ੍ਰਿਤਸਰ, 6 ਸਤੰਬਰ (ਪਰਮਿੰਦਰ ਸਿੰਘ ਸਰਹਾਲਾ)- ਸਰਬੱਤ ਖ਼ਾਲਸਾ ਵੱਲੋਂ ਥਾਪੇ ਗਏ ਜਥੇਦਾਰ ਭਾਈ ਜਗਤਾਰ ਸਿੰਘ ਹਵਾਰਾ ਨੇ ਕਿਹਾ ਕਿ ਪੰਜਾਬ ਦੇ ਹੜ੍ਹਾਂ ਦੀ ਸ਼ਾਜ਼ਿਸ਼ ਨੂੰ ਬੇਨਕਾਬ ਕਰਨ ਲਈ ਵਿਦੇਸ਼ੀ ਸਿੱਖ ਅੱਗੇ ਆਉਣ। ਕੇਂਦਰ ਸਰਕਾਰ ਦਾ ਪੰਜਾਬ ਪ੍ਰਤੀ

ਮਜੀਠਾ/ ਅੰਮ੍ਰਿਤਸਰ, 6 ਸਤੰਬਰ (ਪਰਮਿੰਦਰ ਸਿੰਘ ਸਰਹਾਲਾ)- ਸਰਬੱਤ ਖ਼ਾਲਸਾ ਵੱਲੋਂ ਥਾਪੇ ਗਏ ਜਥੇਦਾਰ ਭਾਈ ਜਗਤਾਰ ਸਿੰਘ ਹਵਾਰਾ ਨੇ ਕਿਹਾ ਕਿ ਪੰਜਾਬ ਦੇ ਹੜ੍ਹਾਂ ਦੀ ਸ਼ਾਜ਼ਿਸ਼ ਨੂੰ ਬੇਨਕਾਬ ਕਰਨ ਲਈ ਵਿਦੇਸ਼ੀ ਸਿੱਖ ਅੱਗੇ ਆਉਣ। ਕੇਂਦਰ ਸਰਕਾਰ ਦਾ ਪੰਜਾਬ ਪ੍ਰਤੀ ਨਜ਼ਰੀਆ ਹਮੇਸ਼ਾ ਬਦਲਾਖੋਰੀ ਵਾਲਾ ਰਿਹਾ ਹੈ ਅਤੇ ਡੈਮਾਂ ਦਾ ਕੰਟਰੋਲ ਪੰਜਾਬ ਨੂੰ ਤਬਾਹ ਕਰਨ ਲਈ ਵਰਤਿਆ ਜਾ ਰਿਹਾ ਹੈ। ਪੰਜਾਬੀ ਇਸ

ਮਜੀਠਾ/ ਅੰਮ੍ਰਿਤਸਰ, 6 ਸਤੰਬਰ (ਪਰਮਿੰਦਰ ਸਿੰਘ ਸਰਹਾਲਾ)- ਸਰਬੱਤ ਖ਼ਾਲਸਾ ਵੱਲੋਂ ਥਾਪੇ ਗਏ ਜਥੇਦਾਰ ਭਾਈ ਜਗਤਾਰ ਸਿੰਘ ਹਵਾਰਾ ਨੇ ਕਿਹਾ ਕਿ ਪੰਜਾਬ ਦੇ ਹੜ੍ਹਾਂ ਦੀ ਸ਼ਾਜ਼ਿਸ਼ ਨੂੰ ਬੇਨਕਾਬ ਕਰਨ ਲਈ ਵਿਦੇਸ਼ੀ ਸਿੱਖ ਅੱਗੇ ਆਉਣ। ਕੇਂਦਰ ਸਰਕਾਰ ਦਾ ਪੰਜਾਬ ਪ੍ਰਤੀ ਨਜ਼ਰੀਆ ਹਮੇਸ਼ਾ ਬਦਲਾਖੋਰੀ ਵਾਲਾ ਰਿਹਾ ਹੈ ਅਤੇ ਡੈਮਾਂ ਦਾ ਕੰਟਰੋਲ ਪੰਜਾਬ ਨੂੰ ਤਬਾਹ ਕਰਨ ਲਈ ਵਰਤਿਆ ਜਾ ਰਿਹਾ ਹੈ। ਪੰਜਾਬੀ ਇਸ ਨੂੰ ਕਦੇ ਨਹੀਂ ਭੁੱਲਣਗੇ ਅਤੇ ਪੰਜਾਬ ਨੂੰ ਭੁੱਲਾਂਗੇ ਨਹੀਂ।

ਜ਼ਿਲ੍ਹਾ ਕਾਂਗਰਸ ਕਮੇਟੀ ਮੁਹਾਲੀ ਦੇ ਪ੍ਰਧਾਨ ਰਣਜੀਤ ਸਿੰਘ ਜੀਤੀ ਪਡਿਆਲਾ ਨੇ ਕਾਂਗਰਸੀ ਆਗੂਆਂ ਅਤੇ ਵਰਕਰਾਂ ਨਾਲ ਮੀਟਿੰਗ ਕੀਤੀ
ਪ	ਪੰਜਾਬ ਟਾਈਮਜ਼	ਵਿਸ਼ੇਸ਼

ਖਰੜ, 6 ਸਤੰਬਰ (ਗੁਰਵਿੰਦਰ ਸਿੰਘ ਮੋਹੀ)- ਜ਼ਿਲ੍ਹਾ ਕਾਂਗਰਸ ਕਮੇਟੀ ਮੁਹਾਲੀ ਦੇ ਪ੍ਰਧਾਨ ਰਣਜੀਤ ਸਿੰਘ ਜੀਤੀ ਪਡਿਆਲਾ ਵੱਲੋਂ ਅੱਜ ਕੁਰਾਲੀ ਵਿਖੇ ਕਾਂਗਰਸੀ ਆਗੂਆਂ ਅਤੇ ਵਰਕਰਾਂ ਨਾਲ

ਖਰੜ, 6 ਸਤੰਬਰ (ਗੁਰਵਿੰਦਰ ਸਿੰਘ ਮੋਹੀ)- ਜ਼ਿਲ੍ਹਾ ਕਾਂਗਰਸ ਕਮੇਟੀ ਮੁਹਾਲੀ ਦੇ ਪ੍ਰਧਾਨ ਰਣਜੀਤ ਸਿੰਘ ਜੀਤੀ ਪਡਿਆਲਾ ਵੱਲੋਂ ਅੱਜ ਕੁਰਾਲੀ ਵਿਖੇ ਕਾਂਗਰਸੀ ਆਗੂਆਂ ਅਤੇ ਵਰਕਰਾਂ ਨਾਲ ਵਿਸ਼ੇਸ਼ ਮੀਟਿੰਗ ਕੀਤੀ ਗਈ। ਮੀਟਿੰਗ ਵਿੱਚ ਹੜ੍ਹ ਕਾਰਨ ਪ੍ਰਭਾਵਿਤ ਲੋਕਾਂ ਦੀ ਸਹਾਇਤਾ ਅਤੇ ਪਾਰਟੀ ਦੀ ਮਜ਼ਬੂਤੀ ਬਾਰੇ ਵਿਚਾਰ ਚਰਚਾ ਕੀਤੀ ਗਈ।

ਸਰਬੱਤ ਦਾ ਭਲਾ ਚੈਰੀਟੇਬਲ ਟਰੱਸਟ ਵੱਲੋਂ ਕੋਰਸ ਪੂਰਾ ਹੋਣ ਉਪਰੰਤ ਵਿਦਿਆਰਥੀਆਂ ਨੂੰ ਵੰਡੇ ਸਰਟੀਫਿਕੇਟ
☛ ਡਾਕਟਰ ਐਸ ਪੀ ਸਿੰਘ ਓਬਰਾਏ ਖੁਦ ਹੜ੍ਹ ਪ੍ਰਭਾਵਿਤ ਲੋਕਾਂ ਦੀ ਲੈ ਰਹੇ ਹਨ ਸਾਰ
ਪ	ਪੰਜਾਬ ਟਾਈਮਜ਼	ਵਿਸ਼ੇਸ਼

ਮੰਡੀ ਗੋਬਿੰਦਗੜ੍ਹ, 6 ਸਤੰਬਰ (ਰਮਨ ਲਾਲ ਸ਼ਰਮਾ)- ਸਰਬੱਤ ਦਾ ਭਲਾ ਚੈਰੀਟੇਬਲ ਟਰੱਸਟ ਦੇ ਬਾਨੀ ਡਾ. ਐਸ.ਪੀ. ਸਿੰਘ ਓਬਰਾਏ ਦੀ ਅਗਵਾਈ ਹੇਠ ਚੱਲ ਰਹੇ ਕੰਪਿਊਟਰ ਅਤੇ ਸਿਲਾਈ ਸੈਂਟਰ ਵਿੱਚ ਕੋਰਸ ਪੂਰਾ ਕਰਨ ਵਾਲੇ

ਮੰਡੀ ਗੋਬਿੰਦਗੜ੍ਹ, 6 ਸਤੰਬਰ (ਰਮਨ ਲਾਲ ਸ਼ਰਮਾ)- ਸਰਬੱਤ ਦਾ ਭਲਾ ਚੈਰੀਟੇਬਲ ਟਰੱਸਟ ਦੇ ਬਾਨੀ ਡਾ. ਐਸ.ਪੀ. ਸਿੰਘ ਓਬਰਾਏ ਦੀ ਅਗਵਾਈ ਹੇਠ ਚੱਲ ਰਹੇ ਕੰਪਿਊਟਰ ਅਤੇ ਸਿਲਾਈ ਸੈਂਟਰ ਵਿੱਚ ਕੋਰਸ ਪੂਰਾ ਕਰਨ ਵਾਲੇ ਵਿਦਿਆਰਥੀਆਂ ਨੂੰ ਸਰਟੀਫਿਕੇਟ ਵੰਡੇ ਗਏ। ਡਾ. ਓਬਰਾਏ ਖੁਦ ਹੜ੍ਹ ਪ੍ਰਭਾਵਿਤ ਲੋਕਾਂ ਦੀ ਸਾਰ ਲੈ ਰਹੇ ਹਨ। ਪਿਛਲੇ 1 ਸਾਲ ਦੌਰਾਨ ਸਿਲਾਈ ਸੈਂਟਰ ਵਿਖੇ ਕਈ ਵਿਦਿਆਰਥਣਾਂ ਨੇ ਸਿਖਲਾਈ ਪ੍ਰਾਪਤ ਕੀਤੀ।

ਮੁਕਤਸਰ ਸ਼ਿਵ ਮੰਦਿਰ ਚਹਿਲਾਂ ਵਿਖੇ ਪੰਜਾਬ ਦੇ ਹੜ੍ਹਾਂ ਨੂੰ ਰੋਕਣ ਲਈ ਸਾਬਕਾ ਮੰਤਰੀ ਵੱਲੋਂ ਕਰਵਾਇਆ ਹਵਨ
ਪ	ਪੰਜਾਬ ਟਾਈਮਜ਼	ਵਿਸ਼ੇਸ਼

ਸਮਰਾਲਾ, 6 ਸਤੰਬਰ (ਕਮਲਜੀਤ ਕੌਰ)- ਪਿਛਲੇ ਦੋ ਹਫ਼ਤਿਆਂ ਤੋਂ ਪੈ ਰਹੀ ਭਾਰੀ ਬਾਰਿਸ਼ ਕਾਰਨ ਪੰਜਾਬ ਵਿੱਚ ਹੜ੍ਹਾਂ ਵਰਗੇ ਹਾਲਾਤ ਬਣੇ ਹੋਏ ਹਨ। ਇਸ ਕਾਰਨ ਪੰਜਾਬ ਦੀ ਹਜ਼ਾਰਾਂ ਏਕੜ ਫ਼ਸਲ ਬਰਬਾਦ ਹੋ ਚੁੱਕੀ ਹੈ। ਮੁਕਤਸਰ ਸ਼ਿਵ ਮੰਦਿਰ ਚਹਿਲਾਂ ਵਿਖੇ ਸਾਬਕਾ ਮੰਤਰੀ ਵੱਲੋਂ

ਸਮਰਾਲਾ, 6 ਸਤੰਬਰ (ਕਮਲਜੀਤ ਕੌਰ)- ਪਿਛਲੇ ਦੋ ਹਫ਼ਤਿਆਂ ਤੋਂ ਪੈ ਰਹੀ ਭਾਰੀ ਬਾਰਿਸ਼ ਕਾਰਨ ਪੰਜਾਬ ਵਿੱਚ ਹੜ੍ਹਾਂ ਵਰਗੇ ਹਾਲਾਤ ਬਣੇ ਹੋਏ ਹਨ। ਇਸ ਕਾਰਨ ਪੰਜਾਬ ਦੀ ਹਜ਼ਾਰਾਂ ਏਕੜ ਫ਼ਸਲ ਬਰਬਾਦ ਹੋ ਚੁੱਕੀ ਹੈ। ਮੁਕਤਸਰ ਸ਼ਿਵ ਮੰਦਿਰ ਚਹਿਲਾਂ ਵਿਖੇ ਸਾਬਕਾ ਮੰਤਰੀ ਵੱਲੋਂ ਪੰਜਾਬ ਦੀ ਚੜ੍ਹਦੀ ਕਲਾ ਅਤੇ ਹੜ੍ਹਾਂ ਨੂੰ ਰੋਕਣ ਲਈ ਹਵਨ ਕਰਵਾਇਆ ਗਿਆ। ਇਸ ਮੌਕੇ ਇਲਾਕੇ ਦੇ ਕਈ ਪਤਵੰਤੇ ਅਤੇ ਸ਼ਰਧਾਲੂ ਹਾਜ਼ਰ ਸਨ।
